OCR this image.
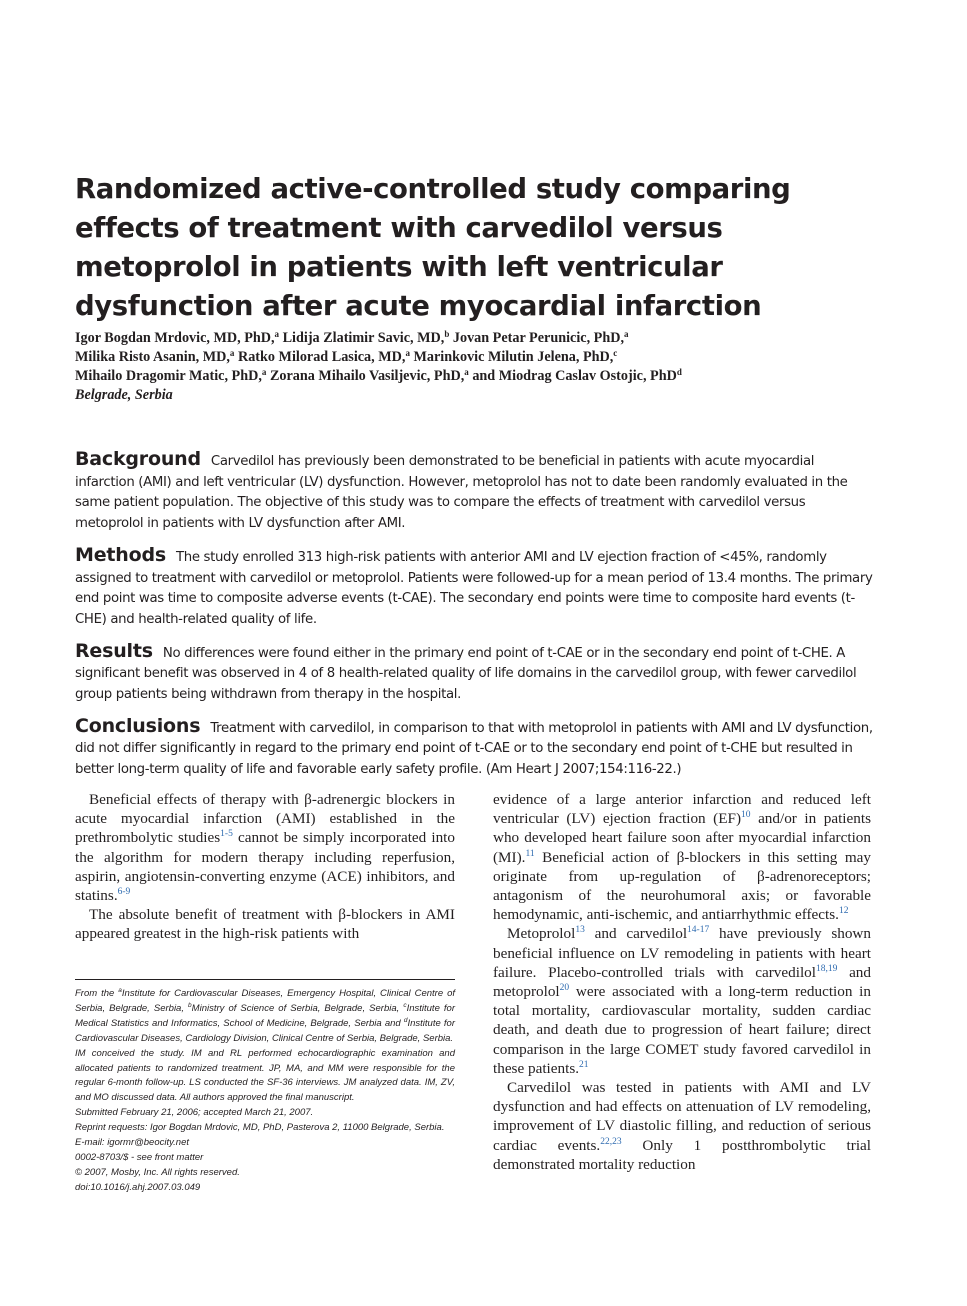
Randomized active-controlled study comparing effects of treatment with carvedilol versus metoprolol in patients with left ventricular dysfunction after acute myocardial infarction
Igor Bogdan Mrdovic, MD, PhD,$^a$ Lidija Zlatimir Savic, MD,$^b$ Jovan Petar Perunicic, PhD,$^a$
Milika Risto Asanin, MD,$^a$ Ratko Milorad Lasica, MD,$^a$ Marinkovic Milutin Jelena, PhD,$^c$
Mihailo Dragomir Matic, PhD,$^a$ Zorana Mihailo Vasiljevic, PhD,$^a$ and Miodrag Caslav Ostojic, PhD$^d$
Belgrade, Serbia

Background Carvedilol has previously been demonstrated to be beneficial in patients with acute myocardial infarction (AMI) and left ventricular (LV) dysfunction. However, metoprolol has not to date been randomly evaluated in the same patient population. The objective of this study was to compare the effects of treatment with carvedilol versus metoprolol in patients with LV dysfunction after AMI.

Methods The study enrolled 313 high-risk patients with anterior AMI and LV ejection fraction of <45%, randomly assigned to treatment with carvedilol or metoprolol. Patients were followed-up for a mean period of 13.4 months. The primary end point was time to composite adverse events (t-CAE). The secondary end points were time to composite hard events (t-CHE) and health-related quality of life.

Results No differences were found either in the primary end point of t-CAE or in the secondary end point of t-CHE. A significant benefit was observed in 4 of 8 health-related quality of life domains in the carvedilol group, with fewer carvedilol group patients being withdrawn from therapy in the hospital.

Conclusions Treatment with carvedilol, in comparison to that with metoprolol in patients with AMI and LV dysfunction, did not differ significantly in regard to the primary end point of t-CAE or to the secondary end point of t-CHE but resulted in better long-term quality of life and favorable early safety profile. (Am Heart J 2007;154:116-22.)

Beneficial effects of therapy with β-adrenergic blockers in acute myocardial infarction (AMI) established in the prethrombolytic studies$^{1-5}$ cannot be simply incorporated into the algorithm for modern therapy including reperfusion, aspirin, angiotensin-converting enzyme (ACE) inhibitors, and statins.$^{6-9}$

The absolute benefit of treatment with β-blockers in AMI appeared greatest in the high-risk patients with

From the $^a$Institute for Cardiovascular Diseases, Emergency Hospital, Clinical Centre of Serbia, Belgrade, Serbia, $^b$Ministry of Science of Serbia, Belgrade, Serbia, $^c$Institute for Medical Statistics and Informatics, School of Medicine, Belgrade, Serbia and $^d$Institute for Cardiovascular Diseases, Cardiology Division, Clinical Centre of Serbia, Belgrade, Serbia.

IM conceived the study. IM and RL performed echocardiographic examination and allocated patients to randomized treatment. JP, MA, and MM were responsible for the regular 6-month follow-up. LS conducted the SF-36 interviews. JM analyzed data. IM, ZV, and MO discussed data. All authors approved the final manuscript.

Submitted February 21, 2006; accepted March 21, 2007.

Reprint requests: Igor Bogdan Mrdovic, MD, PhD, Pasterova 2, 11000 Belgrade, Serbia.

E-mail: igormr@beocity.net

0002-8703/$ - see front matter

© 2007, Mosby, Inc. All rights reserved.

doi:10.1016/j.ahj.2007.03.049

evidence of a large anterior infarction and reduced left ventricular (LV) ejection fraction (EF)$^{10}$ and/or in patients who developed heart failure soon after myocardial infarction (MI).$^{11}$ Beneficial action of β-blockers in this setting may originate from up-regulation of β-adrenoreceptors; antagonism of the neurohumoral axis; or favorable hemodynamic, anti-ischemic, and antiarrhythmic effects.$^{12}$

Metoprolol$^{13}$ and carvedilol$^{14-17}$ have previously shown beneficial influence on LV remodeling in patients with heart failure. Placebo-controlled trials with carvedilol$^{18,19}$ and metoprolol$^{20}$ were associated with a long-term reduction in total mortality, cardiovascular mortality, sudden cardiac death, and death due to progression of heart failure; direct comparison in the large COMET study favored carvedilol in these patients.$^{21}$

Carvedilol was tested in patients with AMI and LV dysfunction and had effects on attenuation of LV remodeling, improvement of LV diastolic filling, and reduction of serious cardiac events.$^{22,23}$ Only 1 postthrombolytic trial demonstrated mortality reduction
